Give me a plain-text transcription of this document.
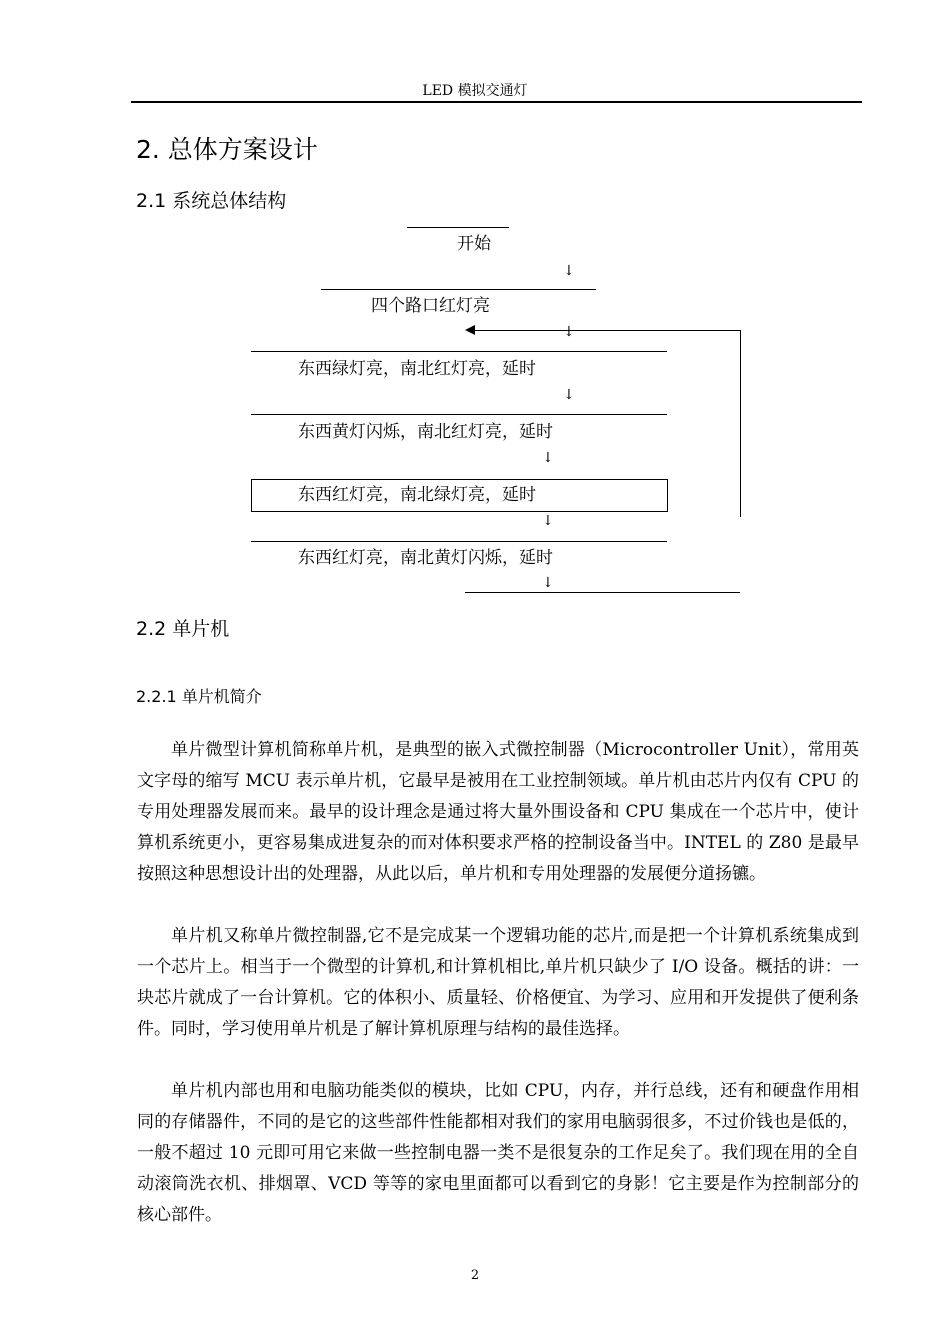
LED 模拟交通灯
2. 总体方案设计
2.1 系统总体结构
开始
↓
四个路口红灯亮
↓
东西绿灯亮，南北红灯亮，延时
↓
东西黄灯闪烁，南北红灯亮，延时
↓
东西红灯亮，南北绿灯亮，延时
↓
东西红灯亮，南北黄灯闪烁，延时
↓
2.2 单片机
2.2.1 单片机简介
单片微型计算机简称单片机，是典型的嵌入式微控制器（Microcontroller Unit），常用英文字母的缩写 MCU 表示单片机，它最早是被用在工业控制领域。单片机由芯片内仅有 CPU 的专用处理器发展而来。最早的设计理念是通过将大量外围设备和 CPU 集成在一个芯片中，使计算机系统更小，更容易集成进复杂的而对体积要求严格的控制设备当中。INTEL 的 Z80 是最早按照这种思想设计出的处理器，从此以后，单片机和专用处理器的发展便分道扬镳。
单片机又称单片微控制器,它不是完成某一个逻辑功能的芯片,而是把一个计算机系统集成到一个芯片上。相当于一个微型的计算机,和计算机相比,单片机只缺少了 I/O 设备。概括的讲：一块芯片就成了一台计算机。它的体积小、质量轻、价格便宜、为学习、应用和开发提供了便利条件。同时，学习使用单片机是了解计算机原理与结构的最佳选择。
单片机内部也用和电脑功能类似的模块，比如 CPU，内存，并行总线，还有和硬盘作用相同的存储器件，不同的是它的这些部件性能都相对我们的家用电脑弱很多，不过价钱也是低的，一般不超过 10 元即可用它来做一些控制电器一类不是很复杂的工作足矣了。我们现在用的全自动滚筒洗衣机、排烟罩、VCD 等等的家电里面都可以看到它的身影！它主要是作为控制部分的核心部件。
2
